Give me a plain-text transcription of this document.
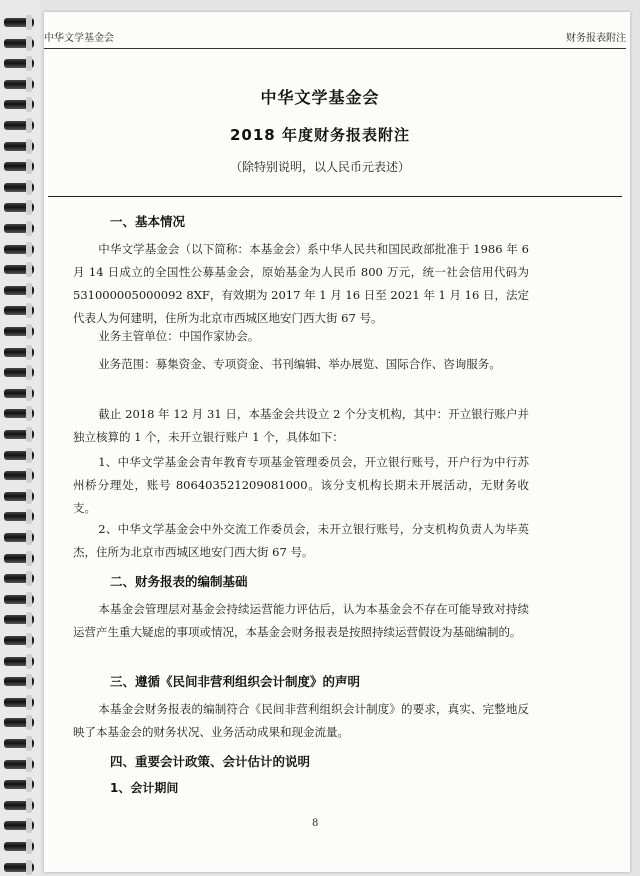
中华文学基金会	财务报表附注
中华文学基金会
2018 年度财务报表附注
（除特别说明，以人民币元表述）
一、基本情况
中华文学基金会（以下简称：本基金会）系中华人民共和国民政部批准于 1986 年 6 月 14 日成立的全国性公募基金会，原始基金为人民币 800 万元，统一社会信用代码为 531000005000092 8XF，有效期为 2017 年 1 月 16 日至 2021 年 1 月 16 日，法定代表人为何建明，住所为北京市西城区地安门西大街 67 号。
业务主管单位：中国作家协会。
业务范围：募集资金、专项资金、书刊编辑、举办展览、国际合作、咨询服务。
截止 2018 年 12 月 31 日，本基金会共设立 2 个分支机构，其中：开立银行账户并独立核算的 1 个，未开立银行账户 1 个，具体如下：
1、中华文学基金会青年教育专项基金管理委员会，开立银行账号，开户行为中行苏州桥分理处，账号 806403521209081000。该分支机构长期未开展活动，无财务收支。
2、中华文学基金会中外交流工作委员会，未开立银行账号，分支机构负责人为毕英杰，住所为北京市西城区地安门西大街 67 号。
二、财务报表的编制基础
本基金会管理层对基金会持续运营能力评估后，认为本基金会不存在可能导致对持续运营产生重大疑虑的事项或情况，本基金会财务报表是按照持续运营假设为基础编制的。
三、遵循《民间非营利组织会计制度》的声明
本基金会财务报表的编制符合《民间非营利组织会计制度》的要求，真实、完整地反映了本基金会的财务状况、业务活动成果和现金流量。
四、重要会计政策、会计估计的说明
1、会计期间
8
